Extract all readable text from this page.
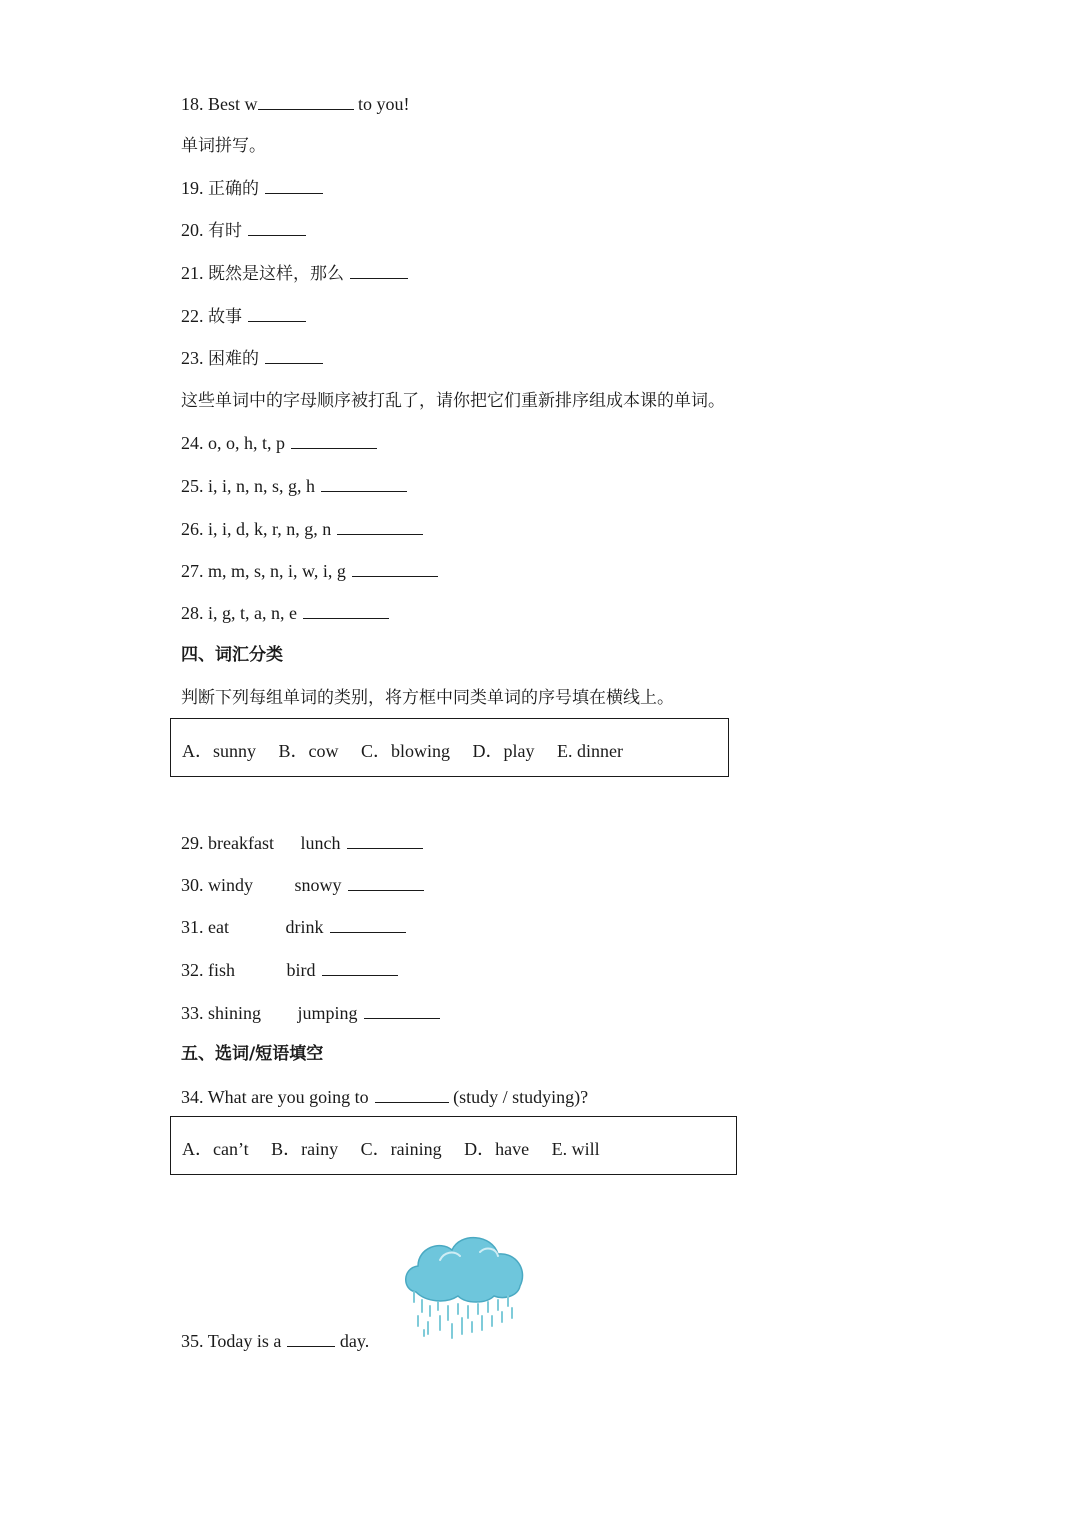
18. Best w	to you!
单词拼写。
19. 正确的
20. 有时
21. 既然是这样，那么
22. 故事
23. 困难的
这些单词中的字母顺序被打乱了，请你把它们重新排序组成本课的单词。
24. o, o, h, t, p
25. i, i, n, n, s, g, h
26. i, i, d, k, r, n, g, n
27. m, m, s, n, i, w, i, g
28. i, g, t, a, n, e
四、词汇分类
判断下列每组单词的类别，将方框中同类单词的序号填在横线上。
A．sunny B．cow C．blowing D．play E. dinner
29. breakfast lunch
30. windy snowy
31. eat	drink
32. fish	bird
33. shining jumping
五、选词/短语填空
34. What are you going to	(study / studying)?
A．can’t B．rainy C．raining D．have E. will
35. Today is a	day.
